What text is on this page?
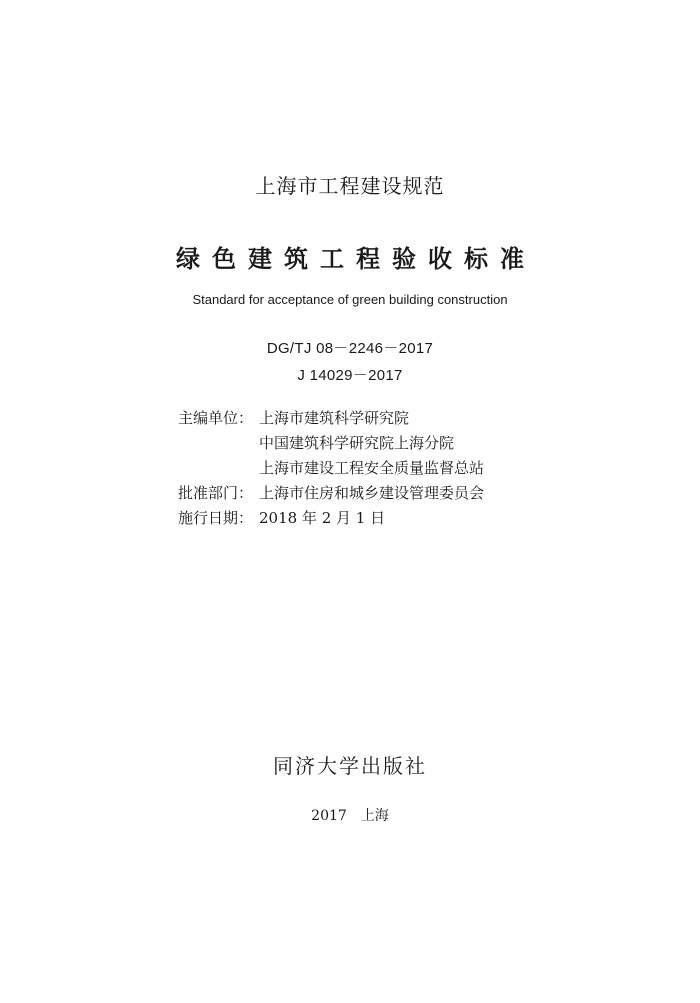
上海市工程建设规范
绿色建筑工程验收标准
Standard for acceptance of green building construction
DG/TJ 08－2246－2017
J 14029－2017
主编单位： 上海市建筑科学研究院
中国建筑科学研究院上海分院
上海市建设工程安全质量监督总站
批准部门： 上海市住房和城乡建设管理委员会
施行日期： 2018 年 2 月 1 日
同济大学出版社
2017 上海
